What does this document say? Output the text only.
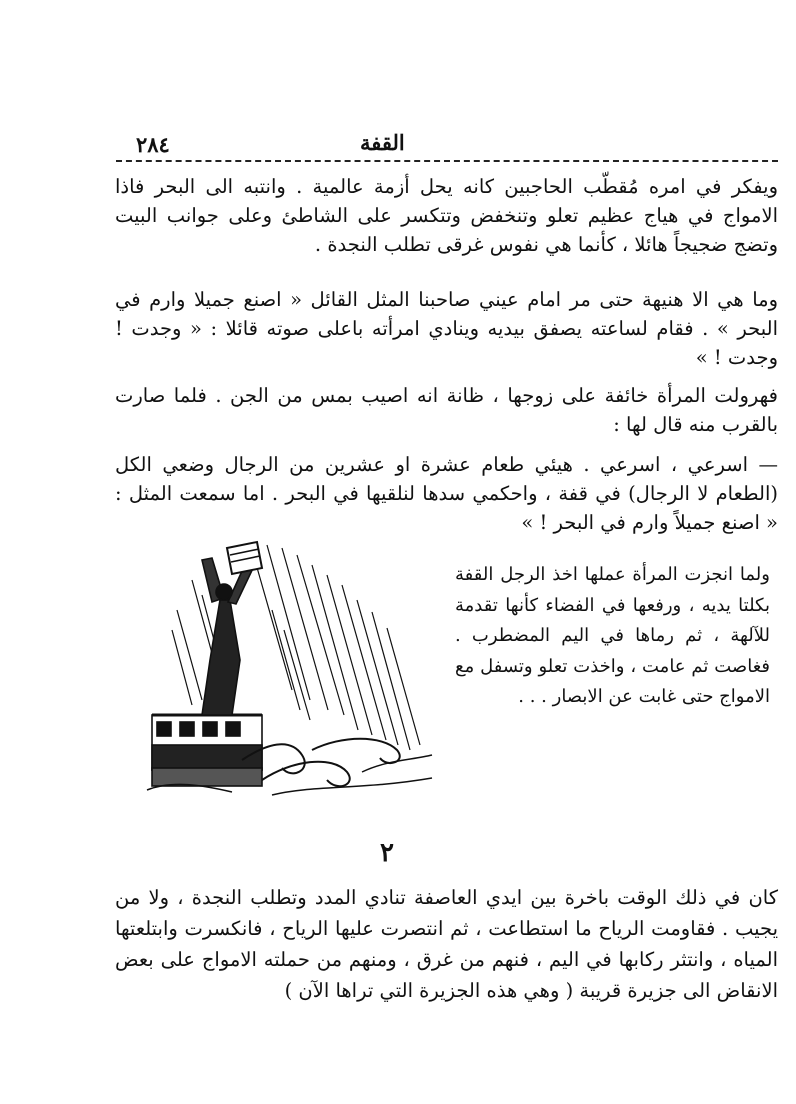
٢٨٤	القفة

ويفكر في امره مُقطّب الحاجبين كانه يحل أزمة عالمية . وانتبه الى البحر فاذا الامواج في هياج عظيم تعلو وتنخفض وتتكسر على الشاطئ وعلى جوانب البيت وتضج ضجيجاً هائلا ، كأنما هي نفوس غرقى تطلب النجدة .

وما هي الا هنيهة حتى مر امام عيني صاحبنا المثل القائل « اصنع جميلا وارم في البحر » . فقام لساعته يصفق بيديه وينادي امرأته باعلى صوته قائلا : « وجدت ! وجدت ! »

فهرولت المرأة خائفة على زوجها ، ظانة انه اصيب بمس من الجن . فلما صارت بالقرب منه قال لها :

— اسرعي ، اسرعي . هيئي طعام عشرة او عشرين من الرجال وضعي الكل (الطعام لا الرجال) في قفة ، واحكمي سدها لنلقيها في البحر . اما سمعت المثل : « اصنع جميلاً وارم في البحر ! »

ولما انجزت المرأة عملها اخذ الرجل القفة بكلتا يديه ، ورفعها في الفضاء كأنها تقدمة للآلهة ، ثم رماها في اليم المضطرب . فغاصت ثم عامت ، واخذت تعلو وتسفل مع الامواج حتى غابت عن الابصار . . .

٢

كان في ذلك الوقت باخرة بين ايدي العاصفة تنادي المدد وتطلب النجدة ، ولا من يجيب . فقاومت الرياح ما استطاعت ، ثم انتصرت عليها الرياح ، فانكسرت وابتلعتها المياه ، وانتثر ركابها في اليم ، فنهم من غرق ، ومنهم من حملته الامواج على بعض الانقاض الى جزيرة قريبة ( وهي هذه الجزيرة التي تراها الآن )
